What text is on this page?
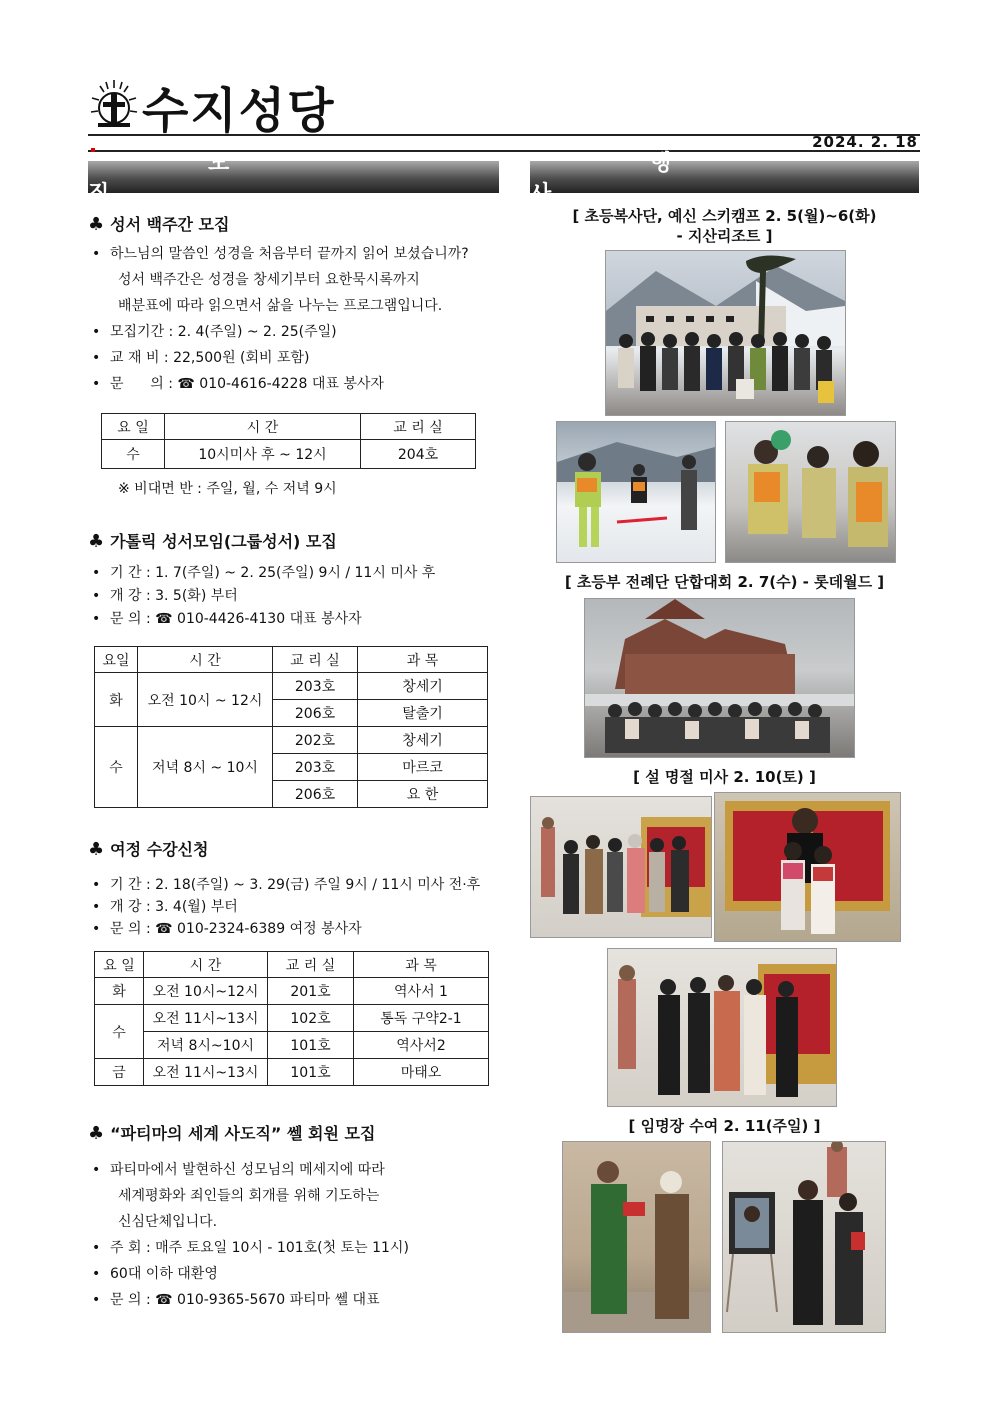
수지성당
2024. 2. 18
모 집
행 사
♣ 성서 백주간 모집
• 하느님의 말씀인 성경을 처음부터 끝까지 읽어 보셨습니까?
성서 백주간은 성경을 창세기부터 요한묵시록까지
배분표에 따라 읽으면서 삶을 나누는 프로그램입니다.
• 모집기간 : 2. 4(주일) ~ 2. 25(주일)
• 교 재 비 : 22,500원 (회비 포함)
• 문      의 : ☎ 010-4616-4228 대표 봉사자
요 일	시 간	교 리 실
수	10시미사 후 ~ 12시	204호
※ 비대면 반 : 주일, 월, 수 저녁 9시
♣ 가톨릭 성서모임(그룹성서) 모집
• 기 간 : 1. 7(주일) ~ 2. 25(주일) 9시 / 11시 미사 후
• 개 강 : 3. 5(화) 부터
• 문 의 : ☎ 010-4426-4130 대표 봉사자
요일	시 간	교 리 실	과 목
화	오전 10시 ~ 12시	203호	창세기
		206호	탈출기
수	저녁 8시 ~ 10시	202호	창세기
		203호	마르코
		206호	요 한
♣ 여정 수강신청
• 기 간 : 2. 18(주일) ~ 3. 29(금) 주일 9시 / 11시 미사 전·후
• 개 강 : 3. 4(월) 부터
• 문 의 : ☎ 010-2324-6389 여정 봉사자
요 일	시 간	교 리 실	과 목
화	오전 10시~12시	201호	역사서 1
수	오전 11시~13시	102호	통독 구약2-1
	저녁 8시~10시	101호	역사서2
금	오전 11시~13시	101호	마태오
♣ “파티마의 세계 사도직” 쎌 회원 모집
• 파티마에서 발현하신 성모님의 메세지에 따라
세계평화와 죄인들의 회개를 위해 기도하는
신심단체입니다.
• 주 회 : 매주 토요일 10시 - 101호(첫 토는 11시)
• 60대 이하 대환영
• 문 의 : ☎ 010-9365-5670 파티마 쎌 대표
[ 초등복사단, 예신 스키캠프 2. 5(월)~6(화)
- 지산리조트 ]
[ 초등부 전례단 단합대회 2. 7(수) - 롯데월드 ]
[ 설 명절 미사 2. 10(토) ]
[ 임명장 수여 2. 11(주일) ]
